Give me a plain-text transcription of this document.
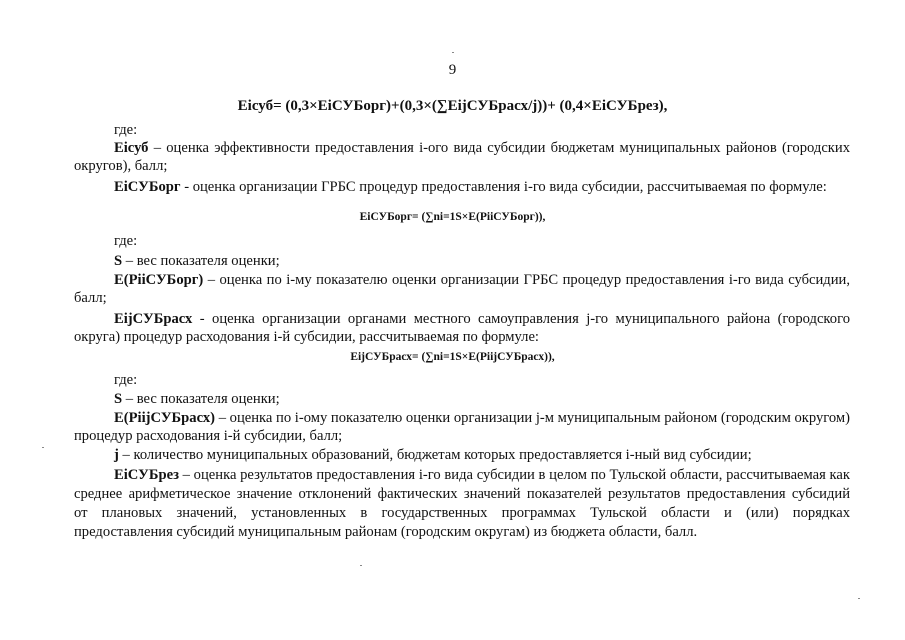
9
Eiсуб= (0,3×EiСУБорг)+(0,3×(∑EijСУБрасх/j))+ (0,4×EiСУБрез),
где:
Eiсуб – оценка эффективности предоставления i-ого вида субсидии бюджетам муниципальных районов (городских
округов), балл;
EiСУБорг - оценка организации ГРБС процедур предоставления i-го вида субсидии, рассчитываемая по формуле:
EiСУБорг= (∑ni=1S×E(PiiСУБорг)),
где:
S – вес показателя оценки;
E(PiiСУБорг) – оценка по i-му показателю оценки организации ГРБС процедур предоставления i-го вида субсидии,
балл;
EijСУБрасх - оценка организации органами местного самоуправления j-го муниципального района (городского
округа) процедур расходования i-й субсидии, рассчитываемая по формуле:
EijСУБрасх= (∑ni=1S×E(PiijСУБрасх)),
где:
S – вес показателя оценки;
E(PiijСУБрасх) – оценка по i-ому показателю оценки организации j-м муниципальным районом (городским округом)
процедур расходования i-й субсидии, балл;
j – количество муниципальных образований, бюджетам которых предоставляется i-ный вид субсидии;
EiСУБрез – оценка результатов предоставления i-го вида субсидии в целом по Тульской области, рассчитываемая как
среднее арифметическое значение отклонений фактических значений показателей результатов предоставления субсидий
от плановых значений, установленных в государственных программах Тульской области и (или) порядках
предоставления субсидий муниципальным районам (городским округам) из бюджета области, балл.
